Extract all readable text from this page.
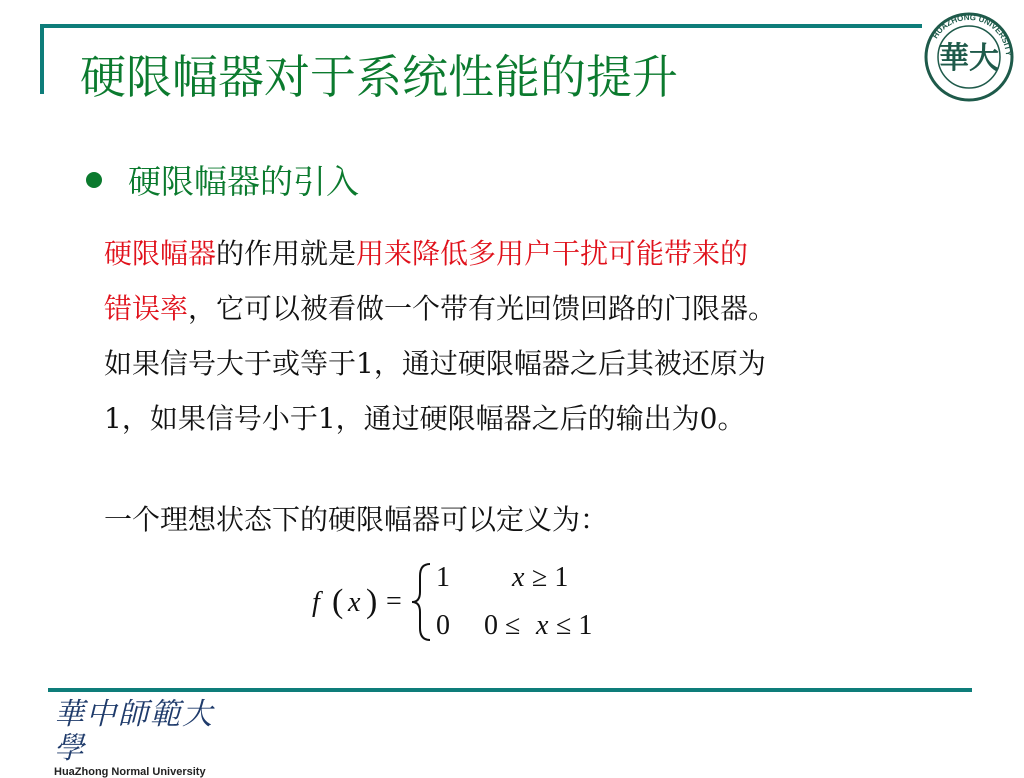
硬限幅器对于系统性能的提升
HUAZHONG UNIVERSITY
華大
硬限幅器的引入
硬限幅器的作用就是用来降低多用户干扰可能带来的
错误率，它可以被看做一个带有光回馈回路的门限器。
如果信号大于或等于1，通过硬限幅器之后其被还原为
1，如果信号小于1，通过硬限幅器之后的输出为0。
一个理想状态下的硬限幅器可以定义为：
f ( x ) =
1 x ≥ 1
0 0 ≤ x ≤ 1
華中師範大學
HuaZhong Normal University
